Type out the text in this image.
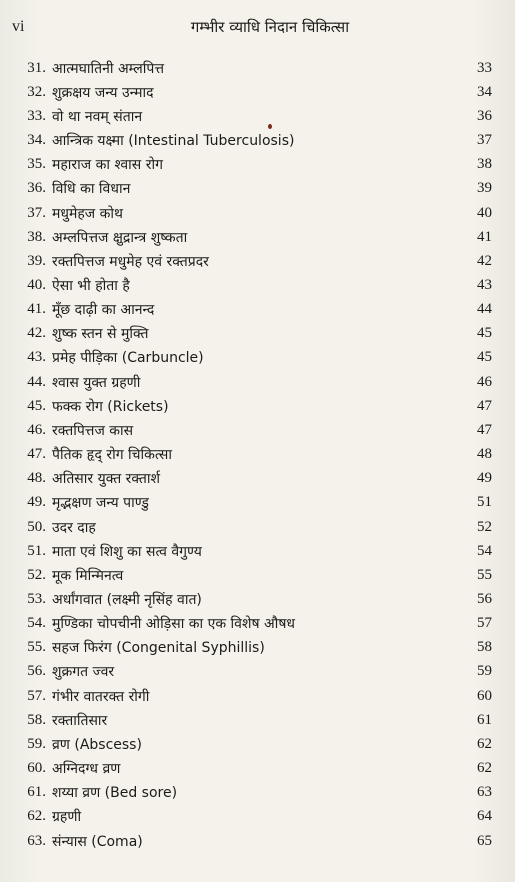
vi	गम्भीर व्याधि निदान चिकित्सा
31. आत्मघातिनी अम्लपित्त	33
32. शुक्रक्षय जन्य उन्माद	34
33. वो था नवम् संतान	36
34. आन्त्रिक यक्ष्मा (Intestinal Tuberculosis)	37
35. महाराज का श्वास रोग	38
36. विधि का विधान	39
37. मधुमेहज कोथ	40
38. अम्लपित्तज क्षुद्रान्त्र शुष्कता	41
39. रक्तपित्तज मधुमेह एवं रक्तप्रदर	42
40. ऐसा भी होता है	43
41. मूँछ दाढ़ी का आनन्द	44
42. शुष्क स्तन से मुक्ति	45
43. प्रमेह पीड़िका (Carbuncle)	45
44. श्वास युक्त ग्रहणी	46
45. फक्क रोग (Rickets)	47
46. रक्तपित्तज कास	47
47. पैतिक हृद् रोग चिकित्सा	48
48. अतिसार युक्त रक्तार्श	49
49. मृद्भक्षण जन्य पाण्डु	51
50. उदर दाह	52
51. माता एवं शिशु का सत्व वैगुण्य	54
52. मूक मिन्मिनत्व	55
53. अर्धांगवात (लक्ष्मी नृसिंह वात)	56
54. मुण्डिका चोपचीनी ओड़िसा का एक विशेष औषध	57
55. सहज फिरंग (Congenital Syphillis)	58
56. शुक्रगत ज्वर	59
57. गंभीर वातरक्त रोगी	60
58. रक्तातिसार	61
59. व्रण (Abscess)	62
60. अग्निदग्ध व्रण	62
61. शय्या व्रण (Bed sore)	63
62. ग्रहणी	64
63. संन्यास (Coma)	65
